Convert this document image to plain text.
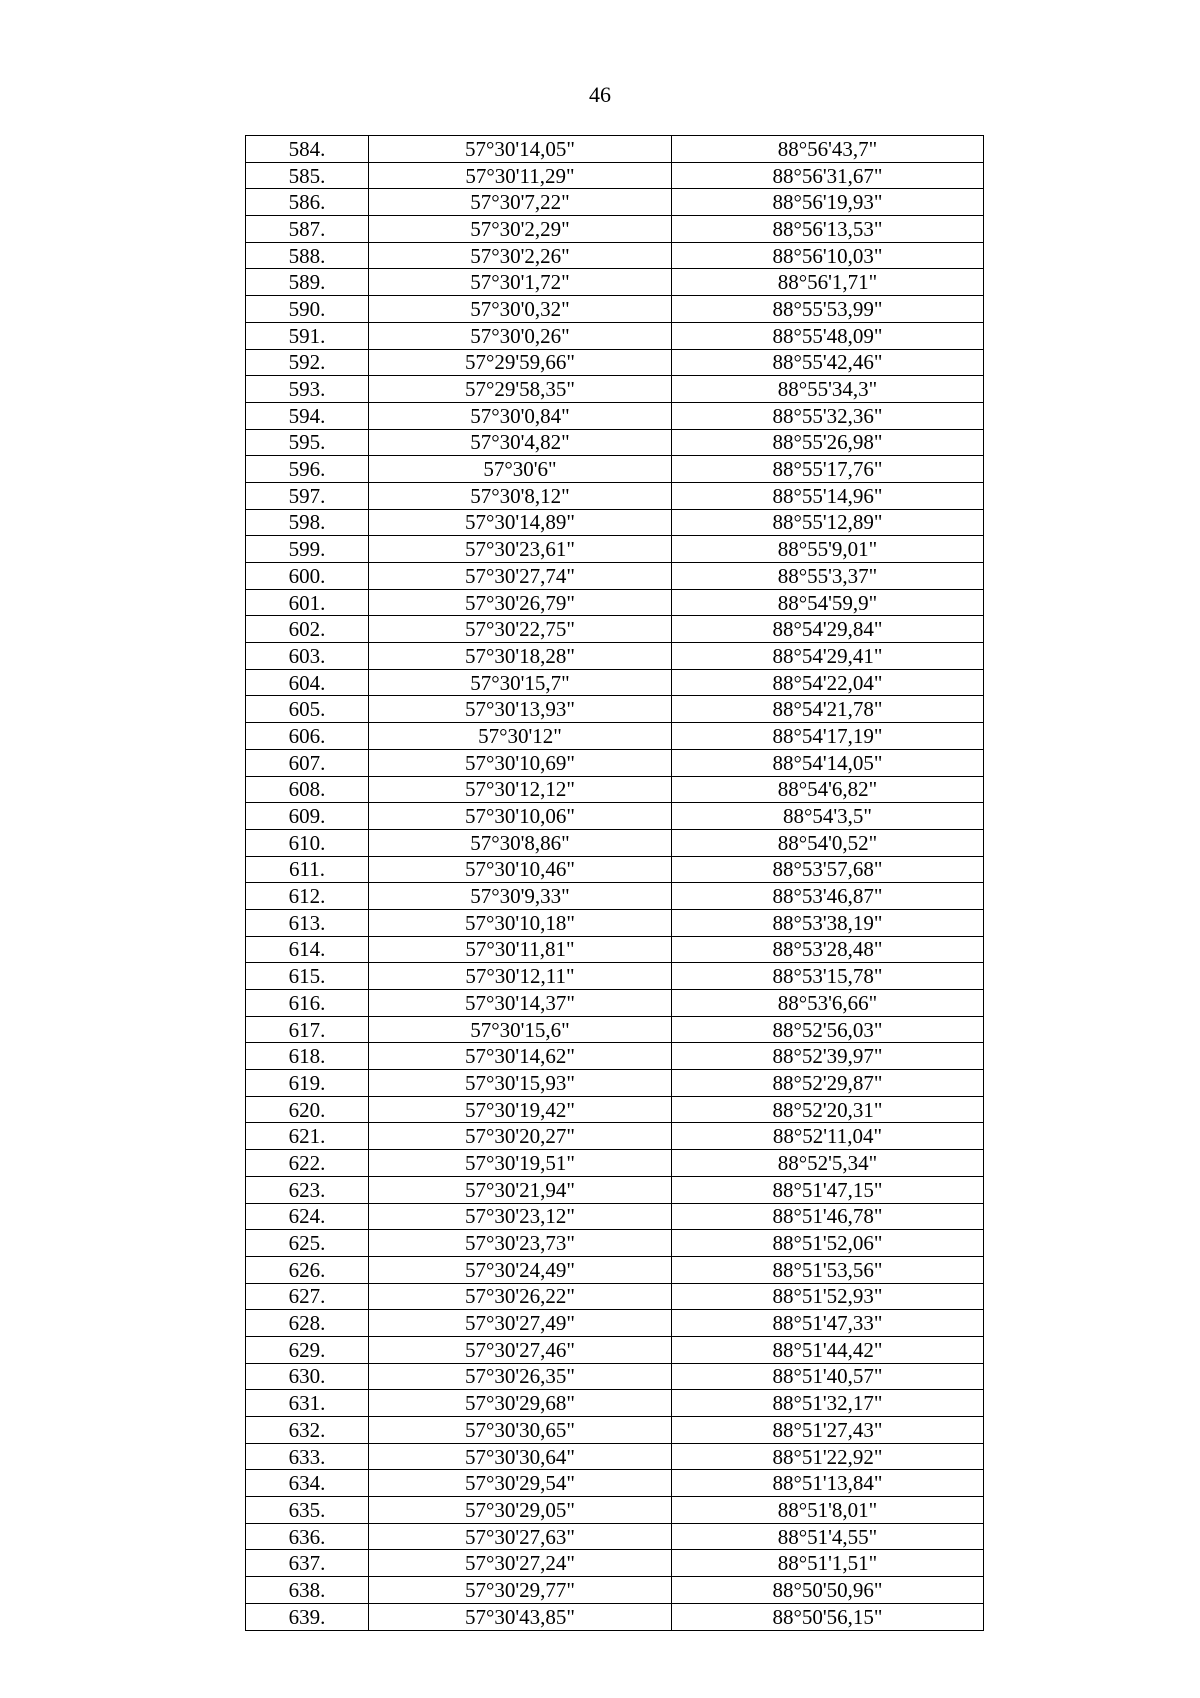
46
584.	57°30'14,05"	88°56'43,7"
585.	57°30'11,29"	88°56'31,67"
586.	57°30'7,22"	88°56'19,93"
587.	57°30'2,29"	88°56'13,53"
588.	57°30'2,26"	88°56'10,03"
589.	57°30'1,72"	88°56'1,71"
590.	57°30'0,32"	88°55'53,99"
591.	57°30'0,26"	88°55'48,09"
592.	57°29'59,66"	88°55'42,46"
593.	57°29'58,35"	88°55'34,3"
594.	57°30'0,84"	88°55'32,36"
595.	57°30'4,82"	88°55'26,98"
596.	57°30'6"	88°55'17,76"
597.	57°30'8,12"	88°55'14,96"
598.	57°30'14,89"	88°55'12,89"
599.	57°30'23,61"	88°55'9,01"
600.	57°30'27,74"	88°55'3,37"
601.	57°30'26,79"	88°54'59,9"
602.	57°30'22,75"	88°54'29,84"
603.	57°30'18,28"	88°54'29,41"
604.	57°30'15,7"	88°54'22,04"
605.	57°30'13,93"	88°54'21,78"
606.	57°30'12"	88°54'17,19"
607.	57°30'10,69"	88°54'14,05"
608.	57°30'12,12"	88°54'6,82"
609.	57°30'10,06"	88°54'3,5"
610.	57°30'8,86"	88°54'0,52"
611.	57°30'10,46"	88°53'57,68"
612.	57°30'9,33"	88°53'46,87"
613.	57°30'10,18"	88°53'38,19"
614.	57°30'11,81"	88°53'28,48"
615.	57°30'12,11"	88°53'15,78"
616.	57°30'14,37"	88°53'6,66"
617.	57°30'15,6"	88°52'56,03"
618.	57°30'14,62"	88°52'39,97"
619.	57°30'15,93"	88°52'29,87"
620.	57°30'19,42"	88°52'20,31"
621.	57°30'20,27"	88°52'11,04"
622.	57°30'19,51"	88°52'5,34"
623.	57°30'21,94"	88°51'47,15"
624.	57°30'23,12"	88°51'46,78"
625.	57°30'23,73"	88°51'52,06"
626.	57°30'24,49"	88°51'53,56"
627.	57°30'26,22"	88°51'52,93"
628.	57°30'27,49"	88°51'47,33"
629.	57°30'27,46"	88°51'44,42"
630.	57°30'26,35"	88°51'40,57"
631.	57°30'29,68"	88°51'32,17"
632.	57°30'30,65"	88°51'27,43"
633.	57°30'30,64"	88°51'22,92"
634.	57°30'29,54"	88°51'13,84"
635.	57°30'29,05"	88°51'8,01"
636.	57°30'27,63"	88°51'4,55"
637.	57°30'27,24"	88°51'1,51"
638.	57°30'29,77"	88°50'50,96"
639.	57°30'43,85"	88°50'56,15"
